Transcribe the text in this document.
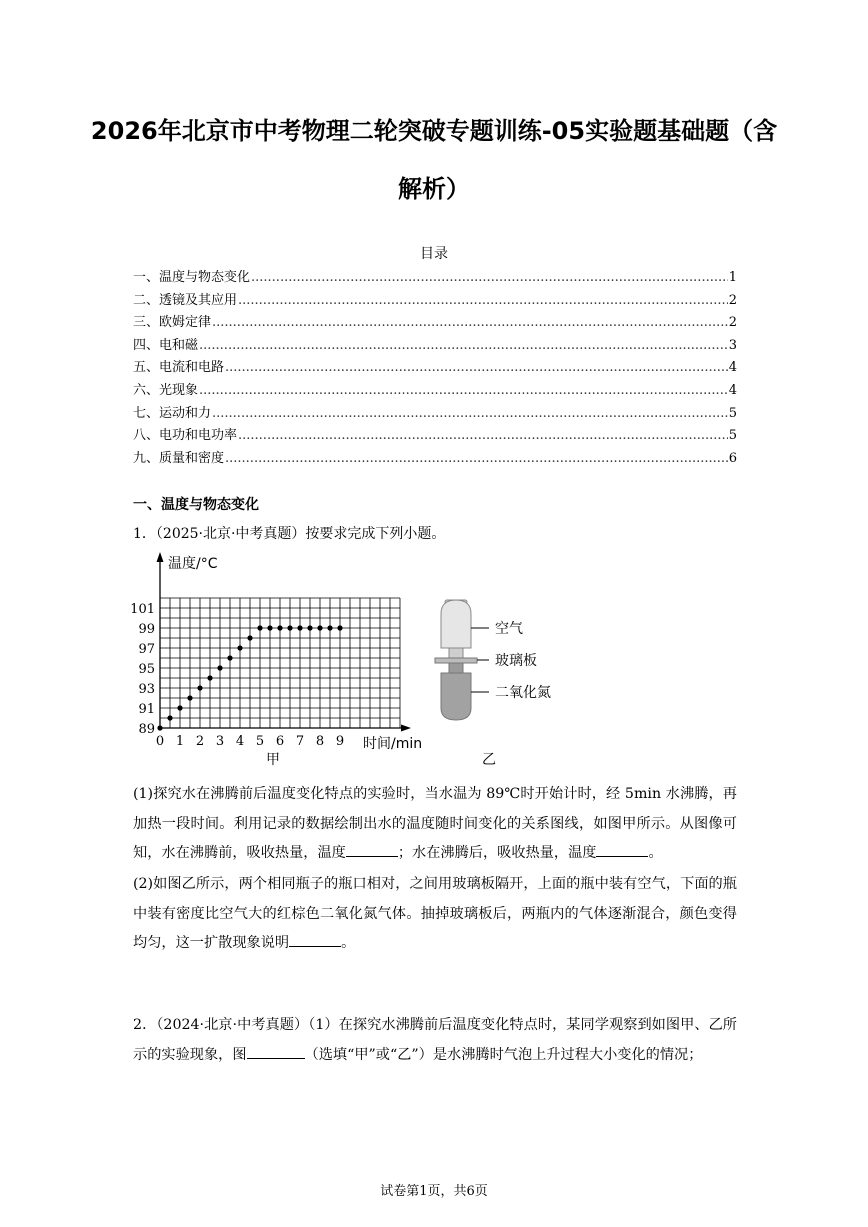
2026年北京市中考物理二轮突破专题训练-05实验题基础题（含
解析）
目录
一、温度与物态变化 .....	1
二、透镜及其应用 .....	2
三、欧姆定律 .....	2
四、电和磁 .....	3
五、电流和电路 .....	4
六、光现象 .....	4
七、运动和力 .....	5
八、电功和电功率 .....	5
九、质量和密度 .....	6
一、温度与物态变化
1．（2025·北京·中考真题）按要求完成下列小题。
89
91
93
95
97
99
101
0 1 2 3 4 5 6 7 8 9
温度/°C
时间/min
甲
空气
玻璃板
二氧化氮
乙
(1)探究水在沸腾前后温度变化特点的实验时，当水温为 89℃时开始计时，经 5min 水沸腾，再加热一段时间。利用记录的数据绘制出水的温度随时间变化的关系图线，如图甲所示。从图像可知，水在沸腾前，吸收热量，温度	；水在沸腾后，吸收热量，温度	。
(2)如图乙所示，两个相同瓶子的瓶口相对，之间用玻璃板隔开，上面的瓶中装有空气，下面的瓶中装有密度比空气大的红棕色二氧化氮气体。抽掉玻璃板后，两瓶内的气体逐渐混合，颜色变得均匀，这一扩散现象说明	。
2．（2024·北京·中考真题）（1）在探究水沸腾前后温度变化特点时，某同学观察到如图甲、乙所示的实验现象，图	（选填“甲”或“乙”）是水沸腾时气泡上升过程大小变化的情况；
试卷第1页，共6页
